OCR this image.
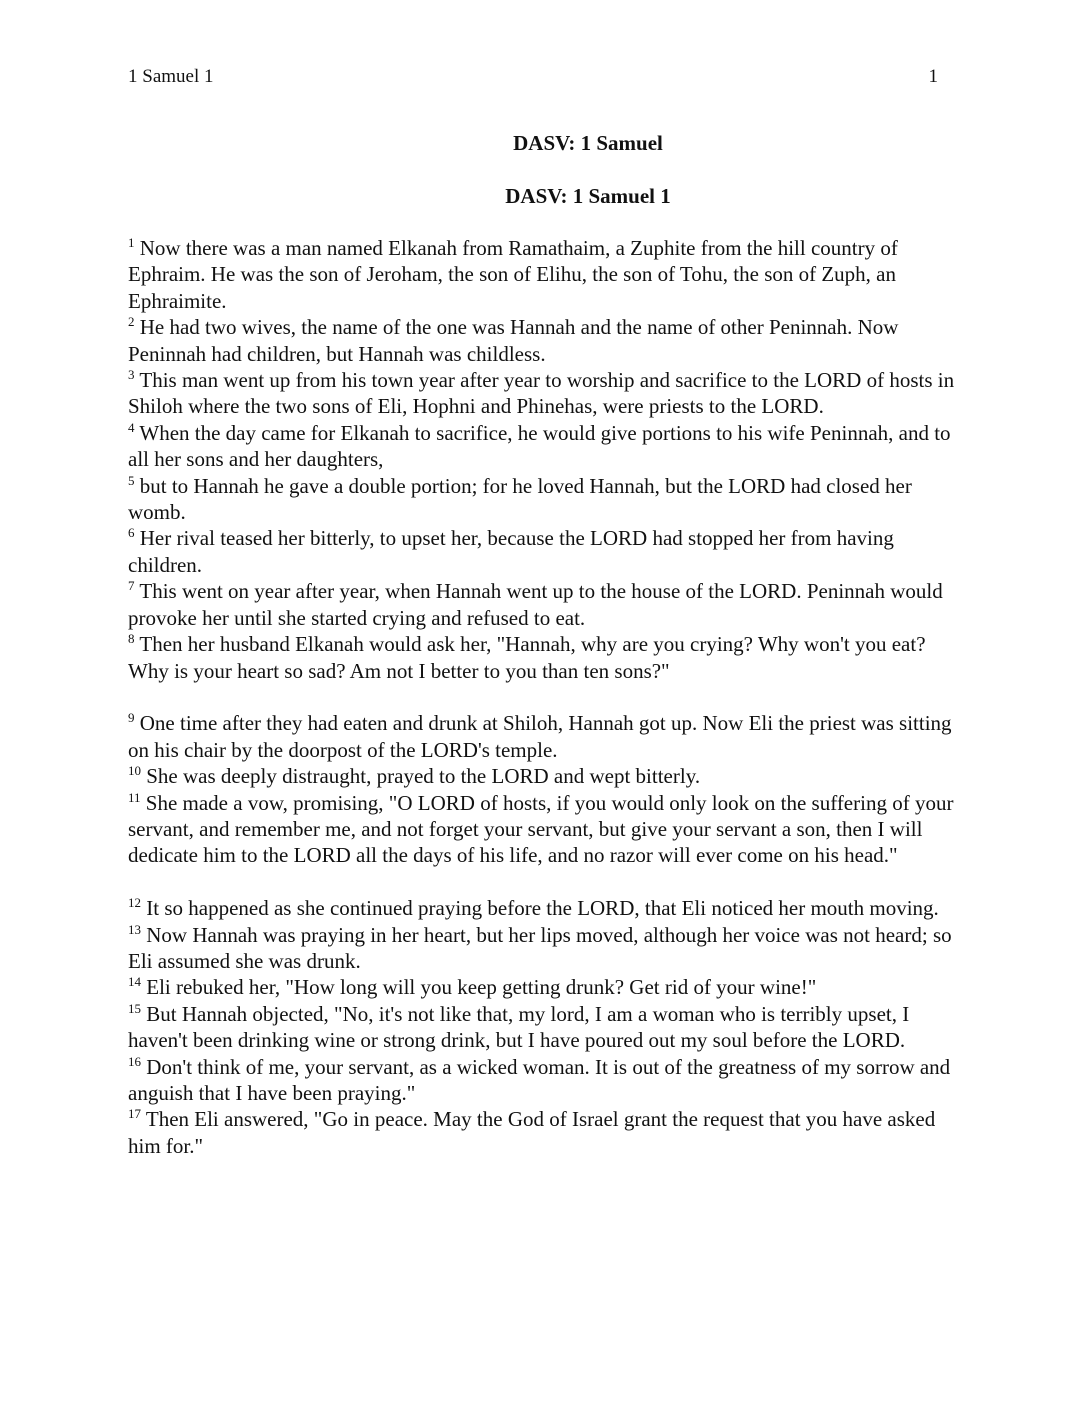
1 Samuel 1	1
DASV: 1 Samuel
DASV: 1 Samuel 1

$^1$ Now there was a man named Elkanah from Ramathaim, a Zuphite from the hill country of Ephraim. He was the son of Jeroham, the son of Elihu, the son of Tohu, the son of Zuph, an Ephraimite.

$^2$ He had two wives, the name of the one was Hannah and the name of other Peninnah. Now Peninnah had children, but Hannah was childless.

$^3$ This man went up from his town year after year to worship and sacrifice to the LORD of hosts in Shiloh where the two sons of Eli, Hophni and Phinehas, were priests to the LORD.

$^4$ When the day came for Elkanah to sacrifice, he would give portions to his wife Peninnah, and to all her sons and her daughters,

$^5$ but to Hannah he gave a double portion; for he loved Hannah, but the LORD had closed her womb.

$^6$ Her rival teased her bitterly, to upset her, because the LORD had stopped her from having children.

$^7$ This went on year after year, when Hannah went up to the house of the LORD. Peninnah would provoke her until she started crying and refused to eat.

$^8$ Then her husband Elkanah would ask her, "Hannah, why are you crying? Why won't you eat? Why is your heart so sad? Am not I better to you than ten sons?"

$^9$ One time after they had eaten and drunk at Shiloh, Hannah got up. Now Eli the priest was sitting on his chair by the doorpost of the LORD's temple.

$^{10}$ She was deeply distraught, prayed to the LORD and wept bitterly.

$^{11}$ She made a vow, promising, "O LORD of hosts, if you would only look on the suffering of your servant, and remember me, and not forget your servant, but give your servant a son, then I will dedicate him to the LORD all the days of his life, and no razor will ever come on his head."

$^{12}$ It so happened as she continued praying before the LORD, that Eli noticed her mouth moving.

$^{13}$ Now Hannah was praying in her heart, but her lips moved, although her voice was not heard; so Eli assumed she was drunk.

$^{14}$ Eli rebuked her, "How long will you keep getting drunk? Get rid of your wine!"

$^{15}$ But Hannah objected, "No, it's not like that, my lord, I am a woman who is terribly upset, I haven't been drinking wine or strong drink, but I have poured out my soul before the LORD.

$^{16}$ Don't think of me, your servant, as a wicked woman. It is out of the greatness of my sorrow and anguish that I have been praying."

$^{17}$ Then Eli answered, "Go in peace. May the God of Israel grant the request that you have asked him for."
